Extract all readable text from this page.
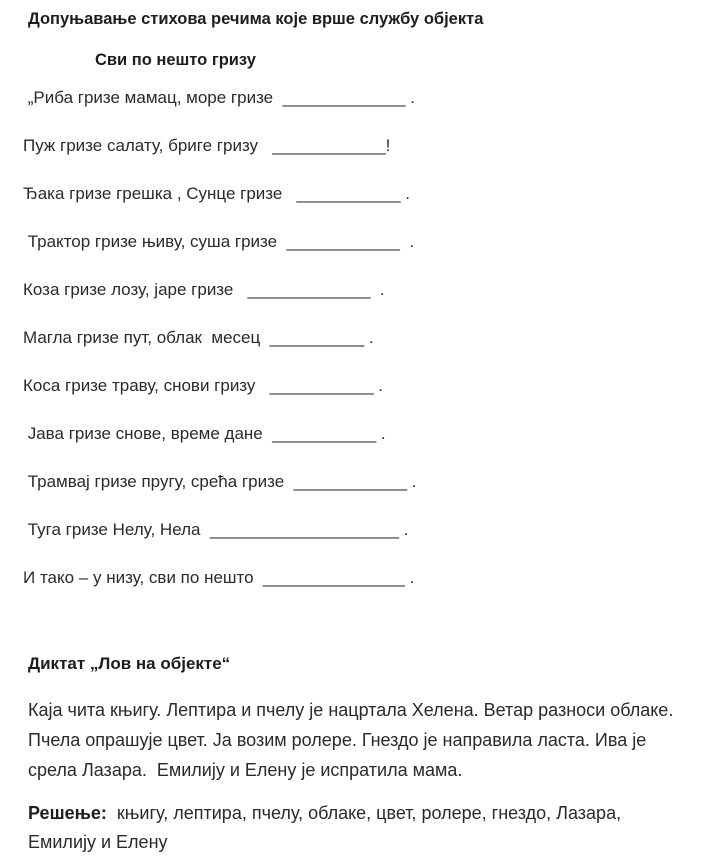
Допуњавање стихова речима које врше службу објекта
Сви по нешто гризу
„Риба гризе мамац, море гризе  _____________ .
Пуж гризе салату, бриге гризу   ____________!
Ђака гризе грешка , Сунце гризе   ___________ .
Трактор гризе њиву, суша гризе  ____________  .
Коза гризе лозу, јаре гризе   _____________  .
Магла гризе пут, облак  месец  __________ .
Коса гризе траву, снови гризу   ___________ .
Јава гризе снове, време дане  ___________ .
Трамвај гризе пругу, срећа гризе  ____________ .
Туга гризе Нелу, Нела  ____________________ .
И тако – у низу, сви по нешто  _______________ .
Диктат „Лов на објекте“

Каја чита књигу. Лептира и пчелу је нацртала Хелена. Ветар разноси облаке. Пчела опрашује цвет. Ја возим ролере. Гнездо је направила ласта. Ива је срела Лазара.  Емилију и Елену је испратила мама.

Решење: књигу, лептира, пчелу, облаке, цвет, ролере, гнездо, Лазара, Емилију и Елену
